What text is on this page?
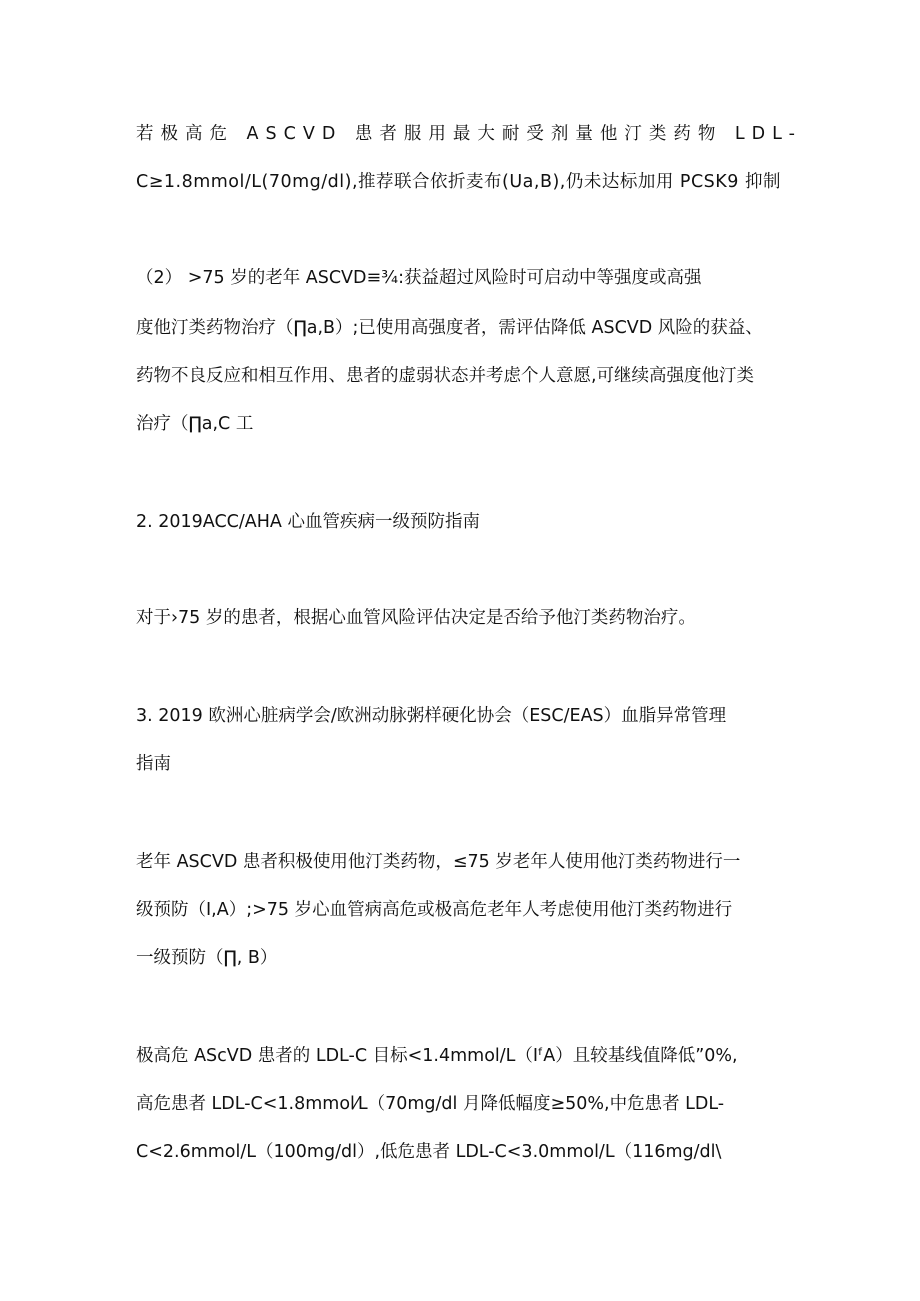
若极高危 ASCVD 患者服用最大耐受剂量他汀类药物 LDL-

C≥1.8mmol/L(70mg/dl),推荐联合依折麦布(Ua,B),仍未达标加用 PCSK9 抑制

（2） >75 岁的老年 ASCVD≡¾:获益超过风险时可启动中等强度或高强

度他汀类药物治疗（∏a,B）;已使用高强度者，需评估降低 ASCVD 风险的获益、

药物不良反应和相互作用、患者的虚弱状态并考虑个人意愿,可继续高强度他汀类

治疗（∏a,C 工

2. 2019ACC/AHA 心血管疾病一级预防指南

对于›75 岁的患者，根据心血管风险评估决定是否给予他汀类药物治疗。

3. 2019 欧洲心脏病学会/欧洲动脉粥样硬化协会（ESC/EAS）血脂异常管理

指南

老年 ASCVD 患者积极使用他汀类药物，≤75 岁老年人使用他汀类药物进行一

级预防（I,A）;>75 岁心血管病高危或极高危老年人考虑使用他汀类药物进行

一级预防（∏, B）

极高危 AScVD 患者的 LDL-C 目标<1.4mmol/L（IᶠA）且较基线值降低”0%,

高危患者 LDL-C<1.8mmol⁄L（70mg/dl 月降低幅度≥50%,中危患者 LDL-

C<2.6mmol/L（100mg/dl）,低危患者 LDL-C<3.0mmol/L（116mg/dl\
